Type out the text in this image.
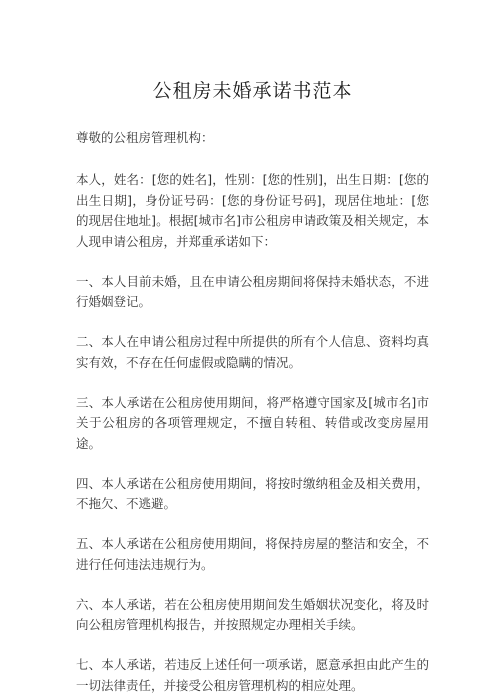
公租房未婚承诺书范本

尊敬的公租房管理机构：

本人，姓名：[您的姓名]，性别：[您的性别]，出生日期：[您的出生日期]，身份证号码：[您的身份证号码]，现居住地址：[您的现居住地址]。根据[城市名]市公租房申请政策及相关规定，本人现申请公租房，并郑重承诺如下：

一、本人目前未婚，且在申请公租房期间将保持未婚状态，不进行婚姻登记。

二、本人在申请公租房过程中所提供的所有个人信息、资料均真实有效，不存在任何虚假或隐瞒的情况。

三、本人承诺在公租房使用期间，将严格遵守国家及[城市名]市关于公租房的各项管理规定，不擅自转租、转借或改变房屋用途。

四、本人承诺在公租房使用期间，将按时缴纳租金及相关费用，不拖欠、不逃避。

五、本人承诺在公租房使用期间，将保持房屋的整洁和安全，不进行任何违法违规行为。

六、本人承诺，若在公租房使用期间发生婚姻状况变化，将及时向公租房管理机构报告，并按照规定办理相关手续。

七、本人承诺，若违反上述任何一项承诺，愿意承担由此产生的一切法律责任，并接受公租房管理机构的相应处理。
